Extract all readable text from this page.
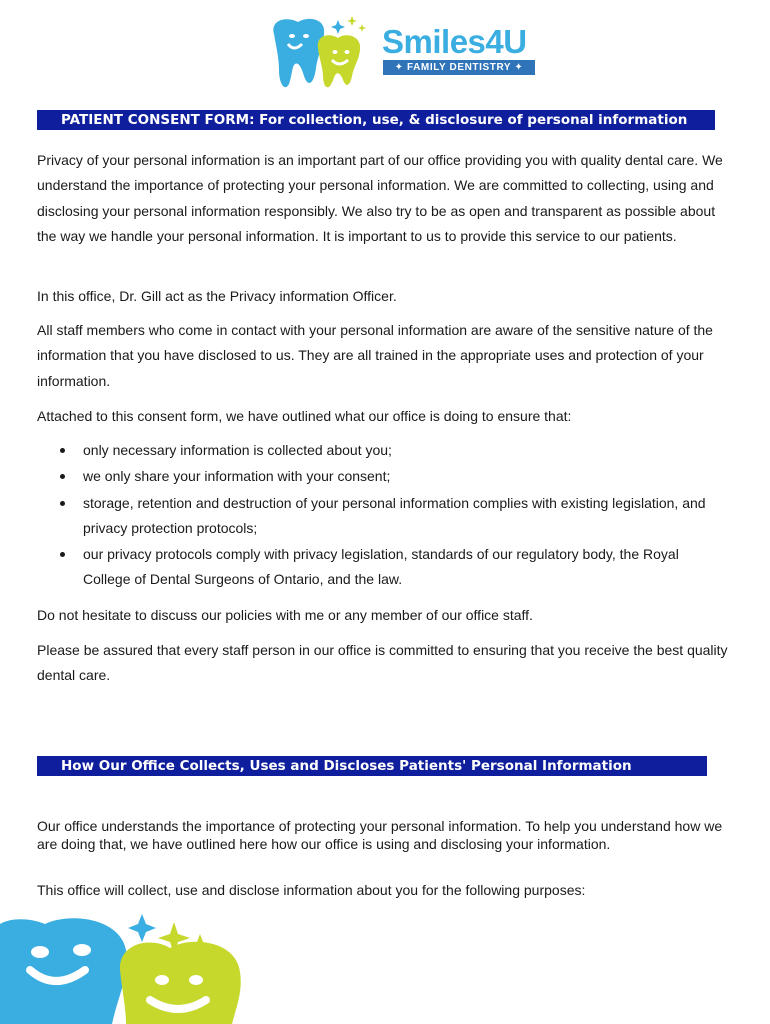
Smiles4U
✦ FAMILY DENTISTRY ✦
PATIENT CONSENT FORM: For collection, use, & disclosure of personal information

Privacy of your personal information is an important part of our office providing you with quality dental care. We understand the importance of protecting your personal information. We are committed to collecting, using and disclosing your personal information responsibly. We also try to be as open and transparent as possible about the way we handle your personal information. It is important to us to provide this service to our patients.

In this office, Dr. Gill act as the Privacy information Officer.

All staff members who come in contact with your personal information are aware of the sensitive nature of the information that you have disclosed to us. They are all trained in the appropriate uses and protection of your information.

Attached to this consent form, we have outlined what our office is doing to ensure that:

only necessary information is collected about you;
we only share your information with your consent;
storage, retention and destruction of your personal information complies with existing legislation, and privacy protection protocols;
our privacy protocols comply with privacy legislation, standards of our regulatory body, the Royal College of Dental Surgeons of Ontario, and the law.

Do not hesitate to discuss our policies with me or any member of our office staff.

Please be assured that every staff person in our office is committed to ensuring that you receive the best quality dental care.

How Our Office Collects, Uses and Discloses Patients' Personal Information

Our office understands the importance of protecting your personal information. To help you understand how we are doing that, we have outlined here how our office is using and disclosing your information.

This office will collect, use and disclose information about you for the following purposes:
